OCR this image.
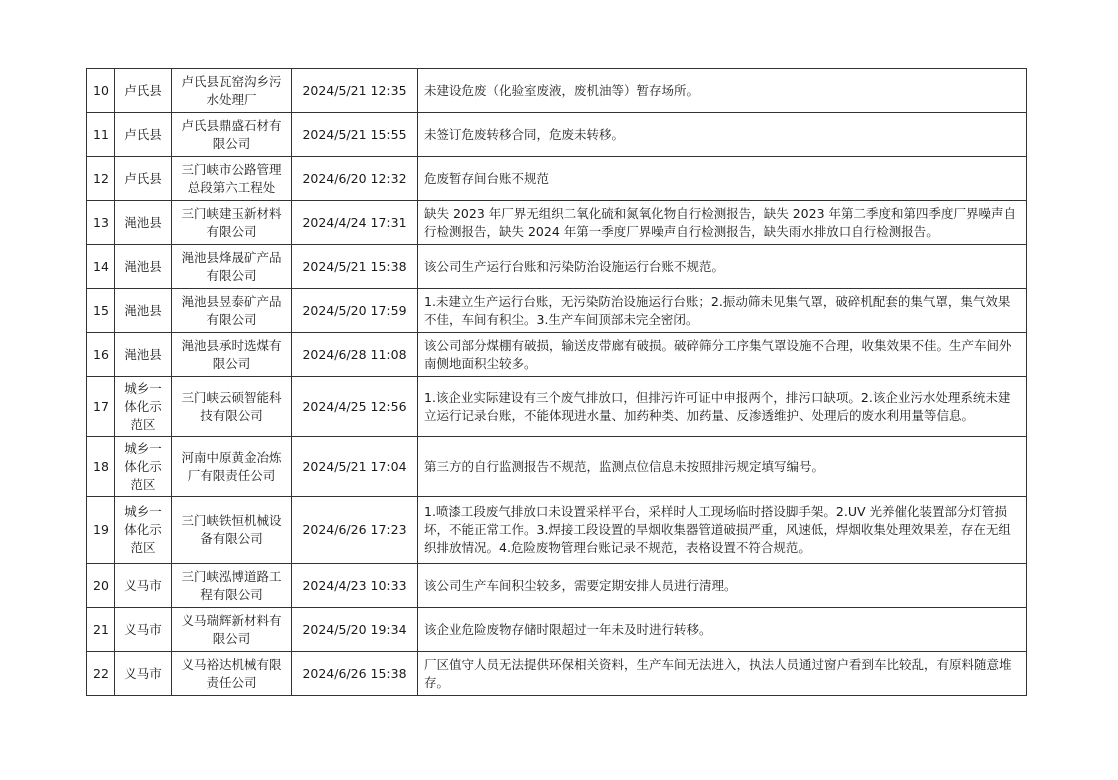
10	卢氏县	卢氏县瓦窑沟乡污水处理厂	2024/5/21 12:35	未建设危废（化验室废液，废机油等）暂存场所。
11	卢氏县	卢氏县鼎盛石材有限公司	2024/5/21 15:55	未签订危废转移合同，危废未转移。
12	卢氏县	三门峡市公路管理总段第六工程处	2024/6/20 12:32	危废暂存间台账不规范
13	渑池县	三门峡建玉新材料有限公司	2024/4/24 17:31	缺失 2023 年厂界无组织二氧化硫和氮氧化物自行检测报告，缺失 2023 年第二季度和第四季度厂界噪声自行检测报告，缺失 2024 年第一季度厂界噪声自行检测报告，缺失雨水排放口自行检测报告。
14	渑池县	渑池县烽晟矿产品有限公司	2024/5/21 15:38	该公司生产运行台账和污染防治设施运行台账不规范。
15	渑池县	渑池县昱泰矿产品有限公司	2024/5/20 17:59	1.未建立生产运行台账，无污染防治设施运行台账；2.振动筛未见集气罩，破碎机配套的集气罩，集气效果不佳，车间有积尘。3.生产车间顶部未完全密闭。
16	渑池县	渑池县承时选煤有限公司	2024/6/28 11:08	该公司部分煤棚有破损，输送皮带廊有破损。破碎筛分工序集气罩设施不合理，收集效果不佳。生产车间外南侧地面积尘较多。
17	城乡一体化示范区	三门峡云硕智能科技有限公司	2024/4/25 12:56	1.该企业实际建设有三个废气排放口，但排污许可证中申报两个，排污口缺项。2.该企业污水处理系统未建立运行记录台账，不能体现进水量、加药种类、加药量、反渗透维护、处理后的废水利用量等信息。
18	城乡一体化示范区	河南中原黄金冶炼厂有限责任公司	2024/5/21 17:04	第三方的自行监测报告不规范，监测点位信息未按照排污规定填写编号。
19	城乡一体化示范区	三门峡铁恒机械设备有限公司	2024/6/26 17:23	1.喷漆工段废气排放口未设置采样平台，采样时人工现场临时搭设脚手架。2.UV 光养催化装置部分灯管损坏，不能正常工作。3.焊接工段设置的旱烟收集器管道破损严重，风速低，焊烟收集处理效果差，存在无组织排放情况。4.危险废物管理台账记录不规范，表格设置不符合规范。
20	义马市	三门峡泓博道路工程有限公司	2024/4/23 10:33	该公司生产车间积尘较多，需要定期安排人员进行清理。
21	义马市	义马瑞辉新材料有限公司	2024/5/20 19:34	该企业危险废物存储时限超过一年未及时进行转移。
22	义马市	义马裕达机械有限责任公司	2024/6/26 15:38	厂区值守人员无法提供环保相关资料，生产车间无法进入，执法人员通过窗户看到车比较乱，有原料随意堆存。
